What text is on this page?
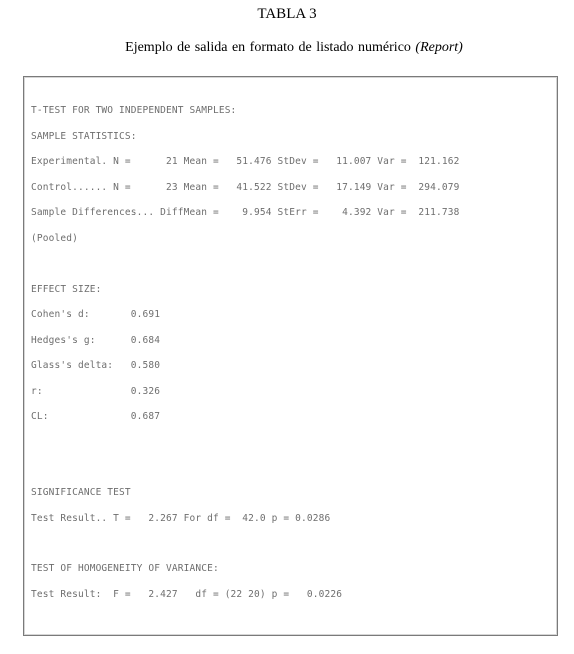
TABLA 3
Ejemplo de salida en formato de listado numérico (Report)
T-TEST FOR TWO INDEPENDENT SAMPLES:
SAMPLE STATISTICS:
Experimental. N =      21 Mean =   51.476 StDev =   11.007 Var =  121.162
Control...... N =      23 Mean =   41.522 StDev =   17.149 Var =  294.079
Sample Differences... DiffMean =    9.954 StErr =    4.392 Var =  211.738
(Pooled)
EFFECT SIZE:
Cohen's d:       0.691
Hedges's g:      0.684
Glass's delta:   0.580
r:               0.326
CL:              0.687
SIGNIFICANCE TEST
Test Result.. T =   2.267 For df =  42.0 p = 0.0286
TEST OF HOMOGENEITY OF VARIANCE:
Test Result:  F =   2.427   df = (22 20) p =   0.0226
